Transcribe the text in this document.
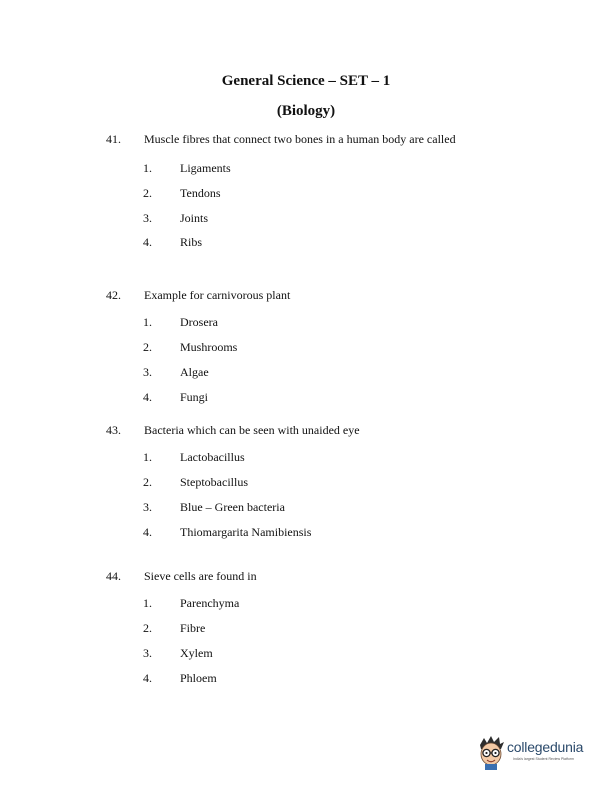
General Science – SET – 1
(Biology)
41. Muscle fibres that connect two bones in a human body are called
1. Ligaments
2. Tendons
3. Joints
4. Ribs
42. Example for carnivorous plant
1. Drosera
2. Mushrooms
3. Algae
4. Fungi
43. Bacteria which can be seen with unaided eye
1. Lactobacillus
2. Steptobacillus
3. Blue – Green bacteria
4. Thiomargarita Namibiensis
44. Sieve cells are found in
1. Parenchyma
2. Fibre
3. Xylem
4. Phloem
collegedunia
India's largest Student Review Platform
